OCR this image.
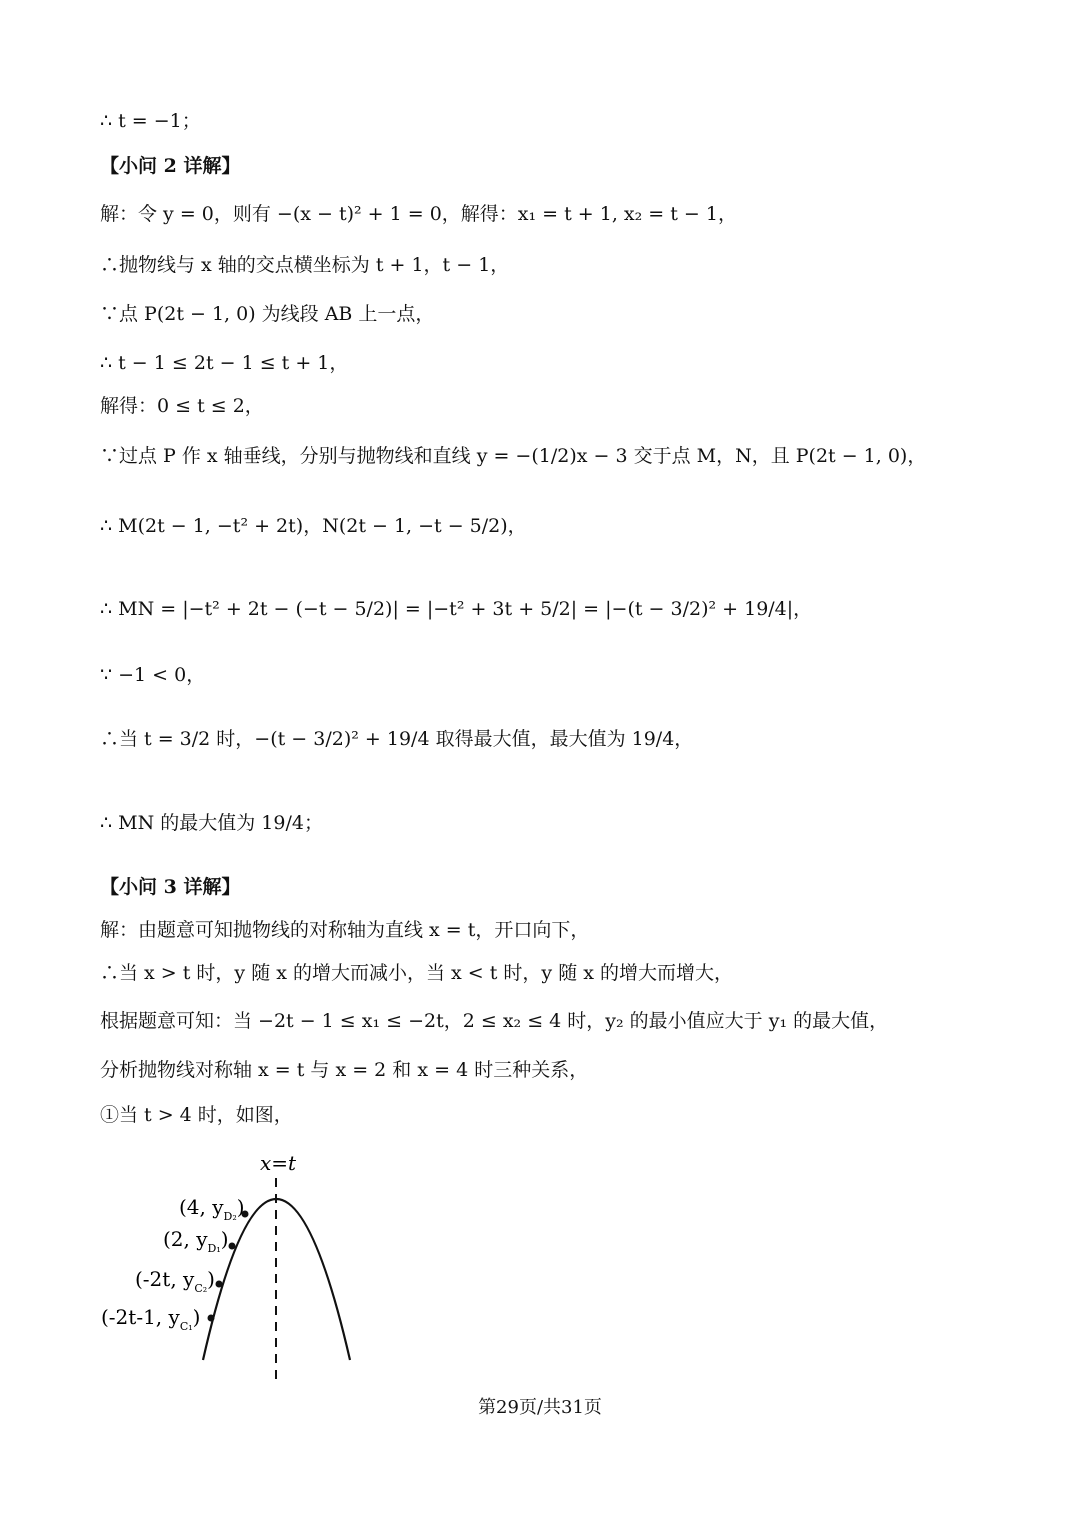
∴ t = −1；
【小问 2 详解】
解：令 y = 0，则有 −(x − t)² + 1 = 0，解得：x₁ = t + 1, x₂ = t − 1，
∴抛物线与 x 轴的交点横坐标为 t + 1，t − 1，
∵点 P(2t − 1, 0) 为线段 AB 上一点，
∴ t − 1 ≤ 2t − 1 ≤ t + 1，
解得：0 ≤ t ≤ 2，
∵过点 P 作 x 轴垂线，分别与抛物线和直线 y = −(1/2)x − 3 交于点 M，N，且 P(2t − 1, 0)，
∴ M(2t − 1, −t² + 2t)，N(2t − 1, −t − 5/2)，
∴ MN = |−t² + 2t − (−t − 5/2)| = |−t² + 3t + 5/2| = |−(t − 3/2)² + 19/4|，
∵ −1 < 0，
∴当 t = 3/2 时，−(t − 3/2)² + 19/4 取得最大值，最大值为 19/4，
∴ MN 的最大值为 19/4；
【小问 3 详解】
解：由题意可知抛物线的对称轴为直线 x = t，开口向下，
∴当 x > t 时，y 随 x 的增大而减小，当 x < t 时，y 随 x 的增大而增大，
根据题意可知：当 −2t − 1 ≤ x₁ ≤ −2t，2 ≤ x₂ ≤ 4 时，y₂ 的最小值应大于 y₁ 的最大值，
分析抛物线对称轴 x = t 与 x = 2 和 x = 4 时三种关系，
①当 t > 4 时，如图，
x=t
(4, $y_{D_2}$)
(2, $y_{D_1}$)
(-2t, $y_{C_2}$)
(-2t-1, $y_{C_1}$)
第29页/共31页
